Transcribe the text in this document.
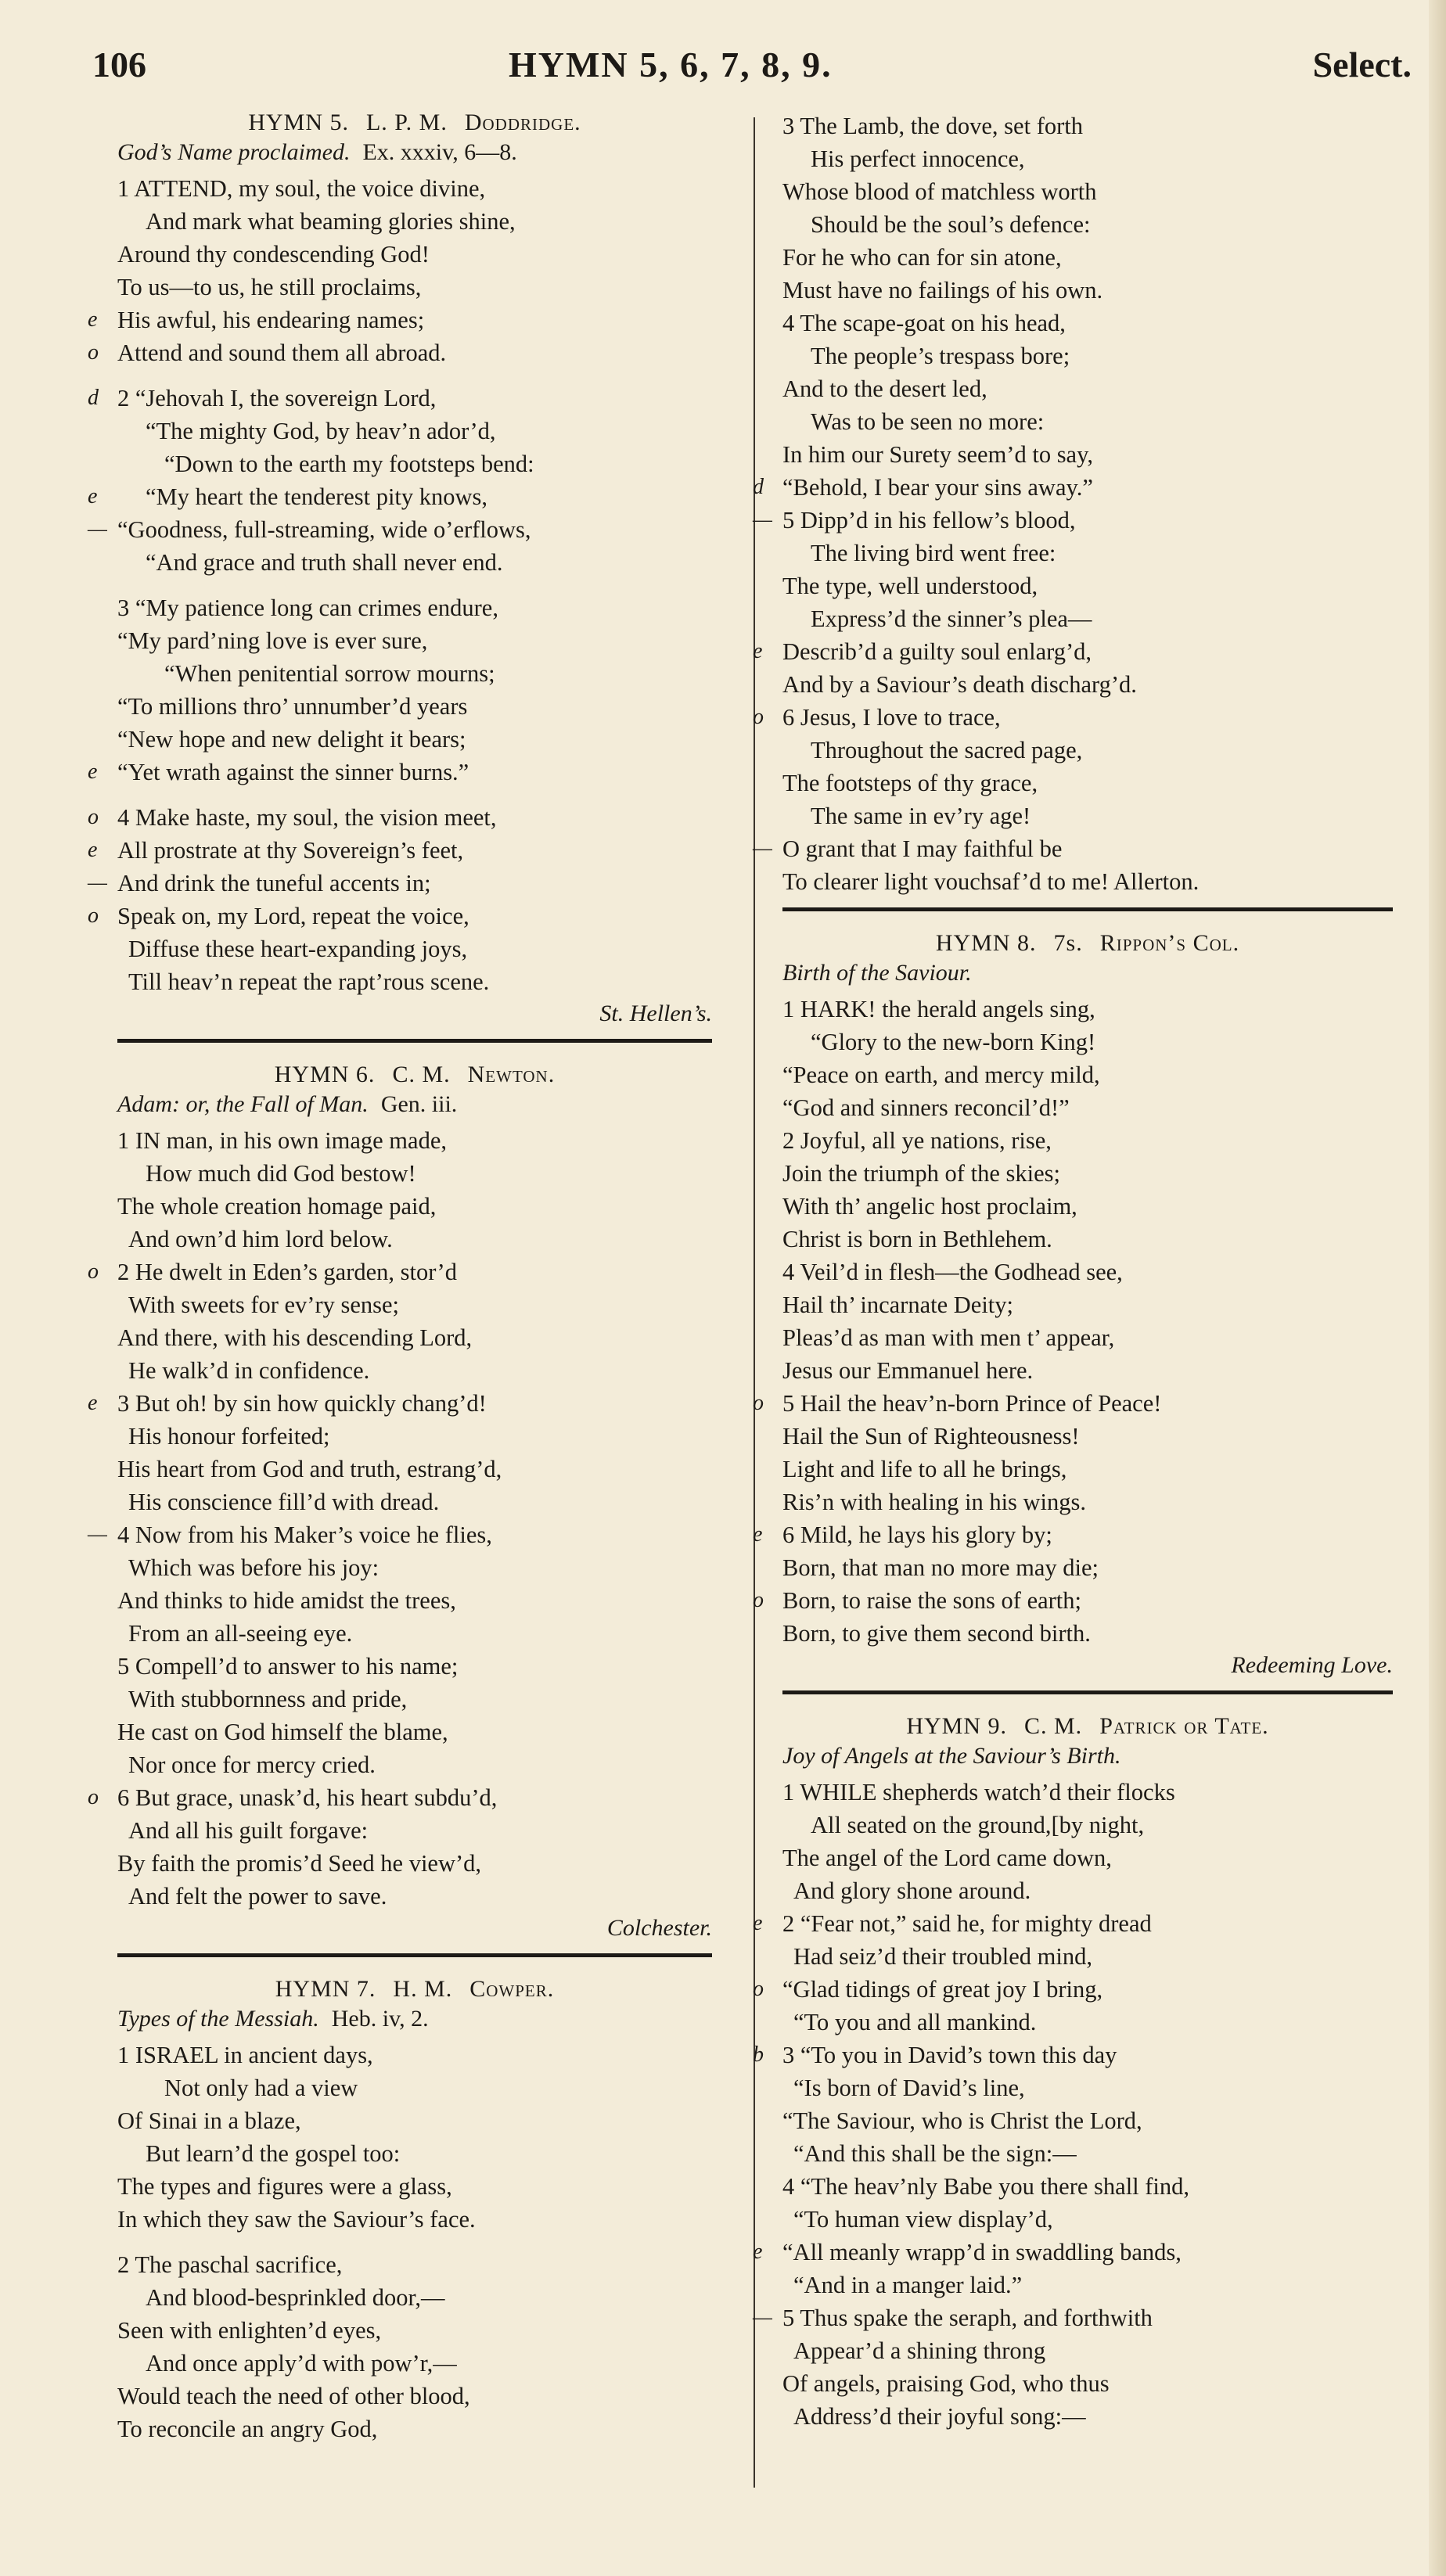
106	HYMN 5, 6, 7, 8, 9.	Select.
HYMN 5. L. P. M. Doddridge.
God’s Name proclaimed. Ex. xxxiv, 6—8.
1 ATTEND, my soul, the voice divine,
And mark what beaming glories shine,
Around thy condescending God!
To us—to us, he still proclaims,
e His awful, his endearing names;
o Attend and sound them all abroad.
d 2 “Jehovah I, the sovereign Lord,
“The mighty God, by heav’n ador’d,
“Down to the earth my footsteps bend:
e “My heart the tenderest pity knows,
— “Goodness, full-streaming, wide o’erflows,
“And grace and truth shall never end.
3 “My patience long can crimes endure,
“My pard’ning love is ever sure,
“When penitential sorrow mourns;
“To millions thro’ unnumber’d years
“New hope and new delight it bears;
e “Yet wrath against the sinner burns.”
o 4 Make haste, my soul, the vision meet,
e All prostrate at thy Sovereign’s feet,
— And drink the tuneful accents in;
o Speak on, my Lord, repeat the voice,
Diffuse these heart-expanding joys,
Till heav’n repeat the rapt’rous scene.
St. Hellen’s.
HYMN 6. C. M. Newton.
Adam: or, the Fall of Man. Gen. iii.
1 IN man, in his own image made,
How much did God bestow!
The whole creation homage paid,
And own’d him lord below.
o 2 He dwelt in Eden’s garden, stor’d
With sweets for ev’ry sense;
And there, with his descending Lord,
He walk’d in confidence.
e 3 But oh! by sin how quickly chang’d!
His honour forfeited;
His heart from God and truth, estrang’d,
His conscience fill’d with dread.
— 4 Now from his Maker’s voice he flies,
Which was before his joy:
And thinks to hide amidst the trees,
From an all-seeing eye.
5 Compell’d to answer to his name;
With stubbornness and pride,
He cast on God himself the blame,
Nor once for mercy cried.
o 6 But grace, unask’d, his heart subdu’d,
And all his guilt forgave:
By faith the promis’d Seed he view’d,
And felt the power to save.
Colchester.
HYMN 7. H. M. Cowper.
Types of the Messiah. Heb. iv, 2.
1 ISRAEL in ancient days,
Not only had a view
Of Sinai in a blaze,
But learn’d the gospel too:
The types and figures were a glass,
In which they saw the Saviour’s face.
2 The paschal sacrifice,
And blood-besprinkled door,—
Seen with enlighten’d eyes,
And once apply’d with pow’r,—
Would teach the need of other blood,
To reconcile an angry God,
3 The Lamb, the dove, set forth
His perfect innocence,
Whose blood of matchless worth
Should be the soul’s defence:
For he who can for sin atone,
Must have no failings of his own.
4 The scape-goat on his head,
The people’s trespass bore;
And to the desert led,
Was to be seen no more:
In him our Surety seem’d to say,
d “Behold, I bear your sins away.”
— 5 Dipp’d in his fellow’s blood,
The living bird went free:
The type, well understood,
Express’d the sinner’s plea—
e Describ’d a guilty soul enlarg’d,
And by a Saviour’s death discharg’d.
o 6 Jesus, I love to trace,
Throughout the sacred page,
The footsteps of thy grace,
The same in ev’ry age!
— O grant that I may faithful be
To clearer light vouchsaf’d to me! Allerton.
HYMN 8. 7s. Rippon’s Col.
Birth of the Saviour.
1 HARK! the herald angels sing,
“Glory to the new-born King!
“Peace on earth, and mercy mild,
“God and sinners reconcil’d!”
2 Joyful, all ye nations, rise,
Join the triumph of the skies;
With th’ angelic host proclaim,
Christ is born in Bethlehem.
4 Veil’d in flesh—the Godhead see,
Hail th’ incarnate Deity;
Pleas’d as man with men t’ appear,
Jesus our Emmanuel here.
o 5 Hail the heav’n-born Prince of Peace!
Hail the Sun of Righteousness!
Light and life to all he brings,
Ris’n with healing in his wings.
e 6 Mild, he lays his glory by;
Born, that man no more may die;
o Born, to raise the sons of earth;
Born, to give them second birth.
Redeeming Love.
HYMN 9. C. M. Patrick or Tate.
Joy of Angels at the Saviour’s Birth.
1 WHILE shepherds watch’d their flocks
All seated on the ground,[by night,
The angel of the Lord came down,
And glory shone around.
e 2 “Fear not,” said he, for mighty dread
Had seiz’d their troubled mind,
o “Glad tidings of great joy I bring,
“To you and all mankind.
b 3 “To you in David’s town this day
“Is born of David’s line,
“The Saviour, who is Christ the Lord,
“And this shall be the sign:—
4 “The heav’nly Babe you there shall find,
“To human view display’d,
e “All meanly wrapp’d in swaddling bands,
“And in a manger laid.”
— 5 Thus spake the seraph, and forthwith
Appear’d a shining throng
Of angels, praising God, who thus
Address’d their joyful song:—
